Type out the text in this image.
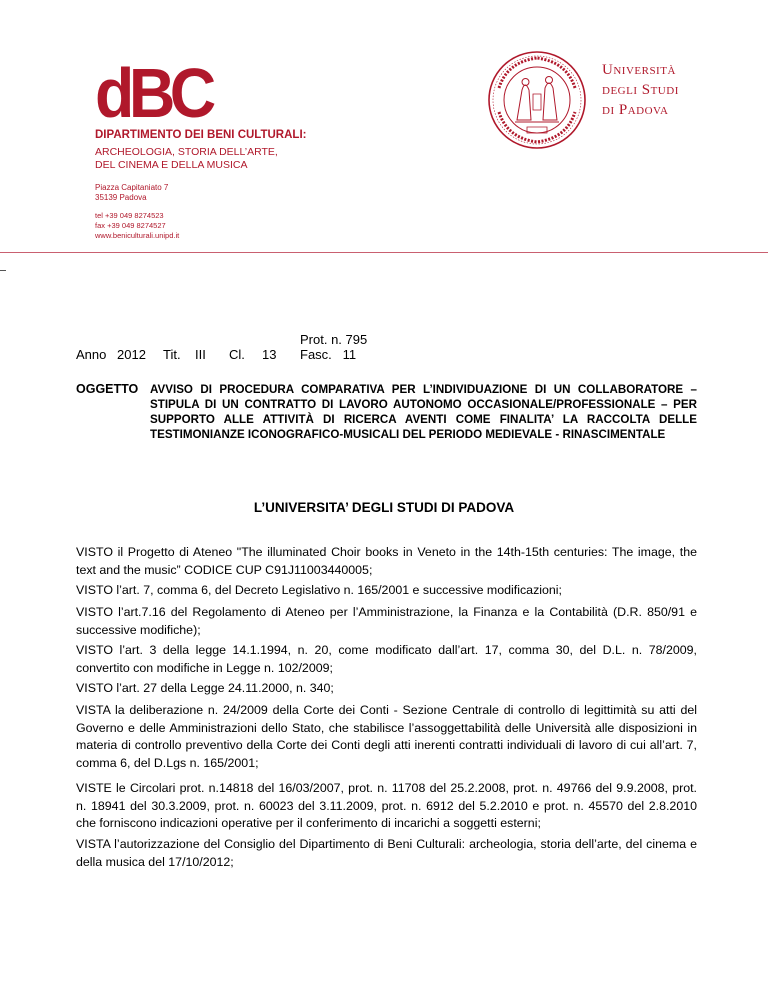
dBC
DIPARTIMENTO DEI BENI CULTURALI:
ARCHEOLOGIA, STORIA DELL’ARTE,
DEL CINEMA E DELLA MUSICA
Piazza Capitaniato 7
35139 Padova
tel +39 049 8274523
fax +39 049 8274527
www.beniculturali.unipd.it
Università
degli Studi
di Padova
Prot. n. 795
Anno 2012 Tit. III Cl. 13 Fasc.   11
OGGETTO AVVISO DI PROCEDURA COMPARATIVA PER L’INDIVIDUAZIONE DI UN COLLABORATORE – STIPULA DI UN CONTRATTO DI LAVORO AUTONOMO OCCASIONALE/PROFESSIONALE – PER SUPPORTO ALLE ATTIVITÀ DI RICERCA AVENTI COME FINALITA’ LA RACCOLTA DELLE TESTIMONIANZE ICONOGRAFICO-MUSICALI DEL PERIODO MEDIEVALE - RINASCIMENTALE
L’UNIVERSITA’ DEGLI STUDI DI PADOVA
VISTO il Progetto di Ateneo "The illuminated Choir books in Veneto in the 14th-15th centuries: The image, the text and the music” CODICE CUP C91J11003440005;
VISTO l’art. 7, comma 6, del Decreto Legislativo n. 165/2001 e successive modificazioni;
VISTO l’art.7.16 del Regolamento di Ateneo per l’Amministrazione, la Finanza e la Contabilità (D.R. 850/91 e successive modifiche);
VISTO l’art. 3 della legge 14.1.1994, n. 20, come modificato dall’art. 17, comma 30, del D.L. n. 78/2009, convertito con modifiche in Legge n. 102/2009;
VISTO l’art. 27 della Legge 24.11.2000, n. 340;
VISTA la deliberazione n. 24/2009 della Corte dei Conti - Sezione Centrale di controllo di legittimità su atti del Governo e delle Amministrazioni dello Stato, che stabilisce l’assoggettabilità delle Università alle disposizioni in materia di controllo preventivo della Corte dei Conti degli atti inerenti contratti individuali di lavoro di cui all’art. 7, comma 6, del D.Lgs n. 165/2001;
VISTE le Circolari prot. n.14818 del 16/03/2007, prot. n. 11708 del 25.2.2008, prot. n. 49766 del 9.9.2008, prot. n. 18941 del 30.3.2009, prot. n. 60023 del 3.11.2009, prot. n. 6912 del 5.2.2010 e prot. n. 45570 del 2.8.2010 che forniscono indicazioni operative per il conferimento di incarichi a soggetti esterni;
VISTA l’autorizzazione del Consiglio del Dipartimento di Beni Culturali: archeologia, storia dell’arte, del cinema e della musica del 17/10/2012;
